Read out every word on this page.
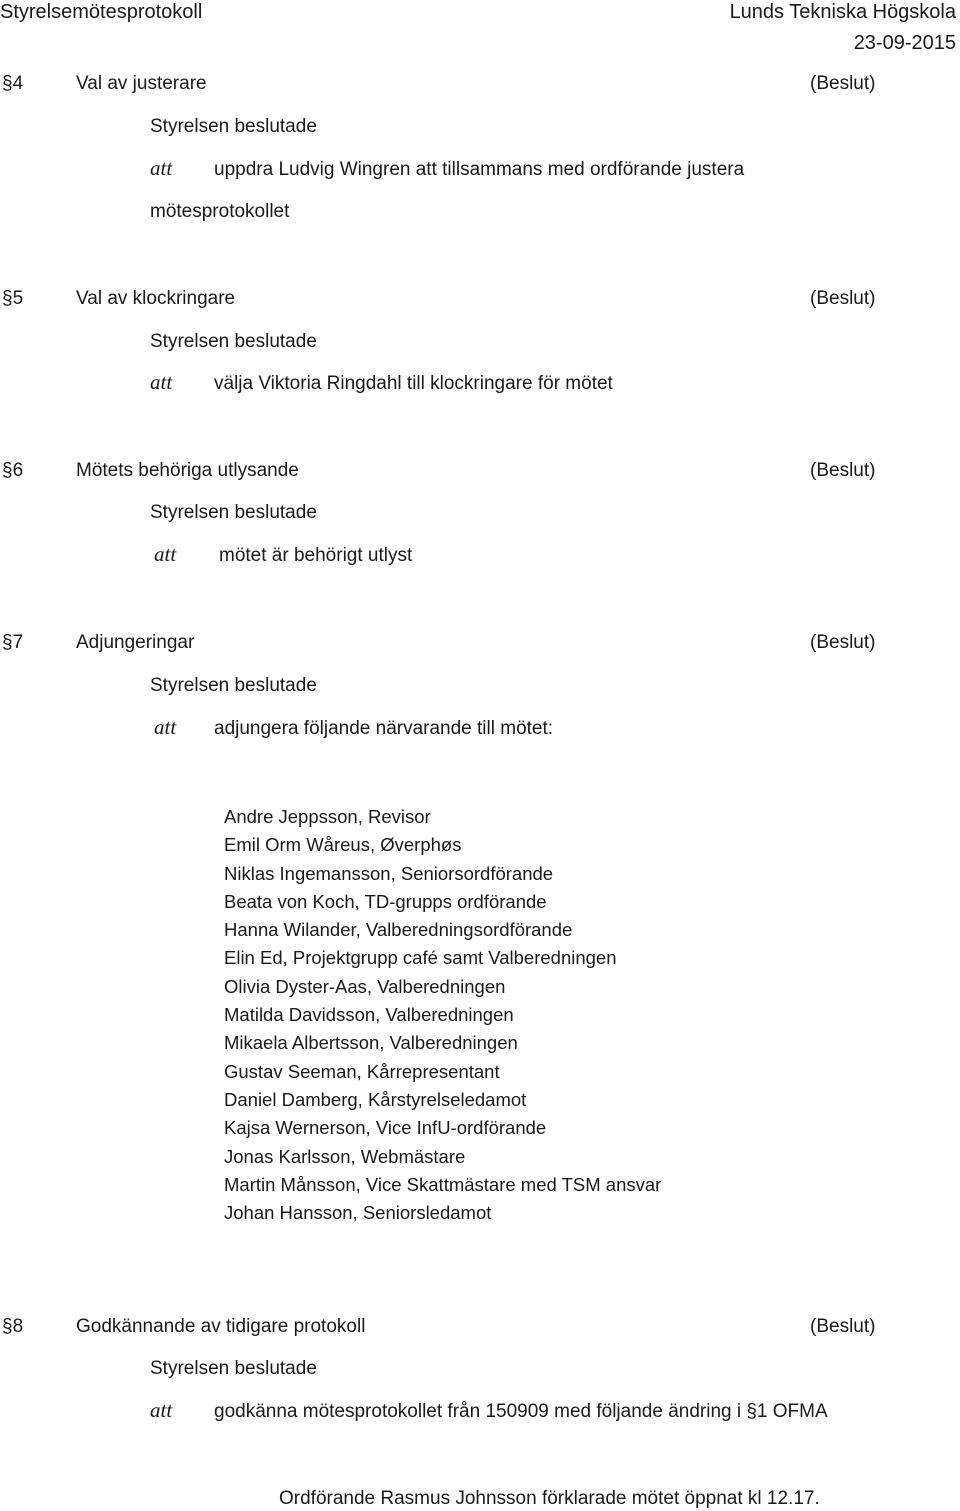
Styrelsemötesprotokoll	Lunds Tekniska Högskola
23-09-2015
§4	Val av justerare	(Beslut)
Styrelsen beslutade
att uppdra Ludvig Wingren att tillsammans med ordförande justera
mötesprotokollet
§5	Val av klockringare	(Beslut)
Styrelsen beslutade
att välja Viktoria Ringdahl till klockringare för mötet
§6	Mötets behöriga utlysande	(Beslut)
Styrelsen beslutade
att mötet är behörigt utlyst
§7	Adjungeringar	(Beslut)
Styrelsen beslutade
att adjungera följande närvarande till mötet:
Andre Jeppsson, Revisor
Emil Orm Wåreus, Øverphøs
Niklas Ingemansson, Seniorsordförande
Beata von Koch, TD-grupps ordförande
Hanna Wilander, Valberedningsordförande
Elin Ed, Projektgrupp café samt Valberedningen
Olivia Dyster-Aas, Valberedningen
Matilda Davidsson, Valberedningen
Mikaela Albertsson, Valberedningen
Gustav Seeman, Kårrepresentant
Daniel Damberg, Kårstyrelseledamot
Kajsa Wernerson, Vice InfU-ordförande
Jonas Karlsson, Webmästare
Martin Månsson, Vice Skattmästare med TSM ansvar
Johan Hansson, Seniorsledamot
§8	Godkännande av tidigare protokoll	(Beslut)
Styrelsen beslutade
att godkänna mötesprotokollet från 150909 med följande ändring i §1 OFMA
Ordförande Rasmus Johnsson förklarade mötet öppnat kl 12.17.
